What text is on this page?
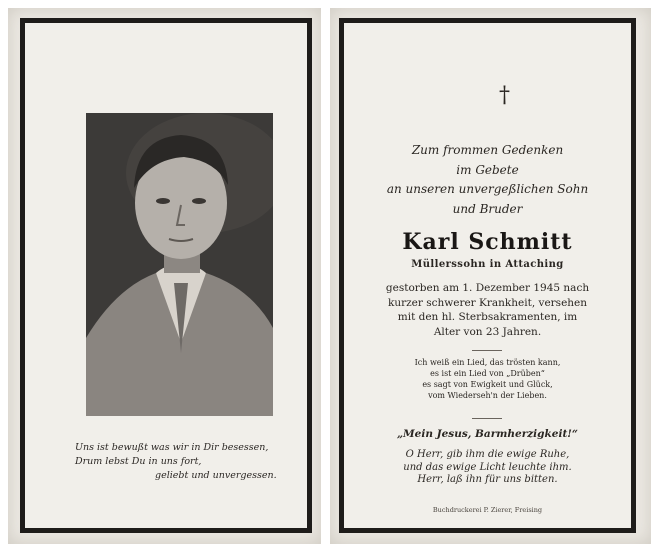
Uns ist bewußt was wir in Dir besessen,
Drum lebst Du in uns fort,
geliebt und unvergessen.
†
Zum frommen Gedenken
im Gebete
an unseren unvergeßlichen Sohn
und Bruder
Karl Schmitt
Müllerssohn in Attaching
gestorben am 1. Dezember 1945 nach
kurzer schwerer Krankheit, versehen
mit den hl. Sterbsakramenten, im
Alter von 23 Jahren.
Ich weiß ein Lied, das trösten kann,
es ist ein Lied von „Drüben“
es sagt von Ewigkeit und Glück,
vom Wiederseh'n der Lieben.
„Mein Jesus, Barmherzigkeit!“
O Herr, gib ihm die ewige Ruhe,
und das ewige Licht leuchte ihm.
Herr, laß ihn für uns bitten.
Buchdruckerei P. Zierer, Freising
